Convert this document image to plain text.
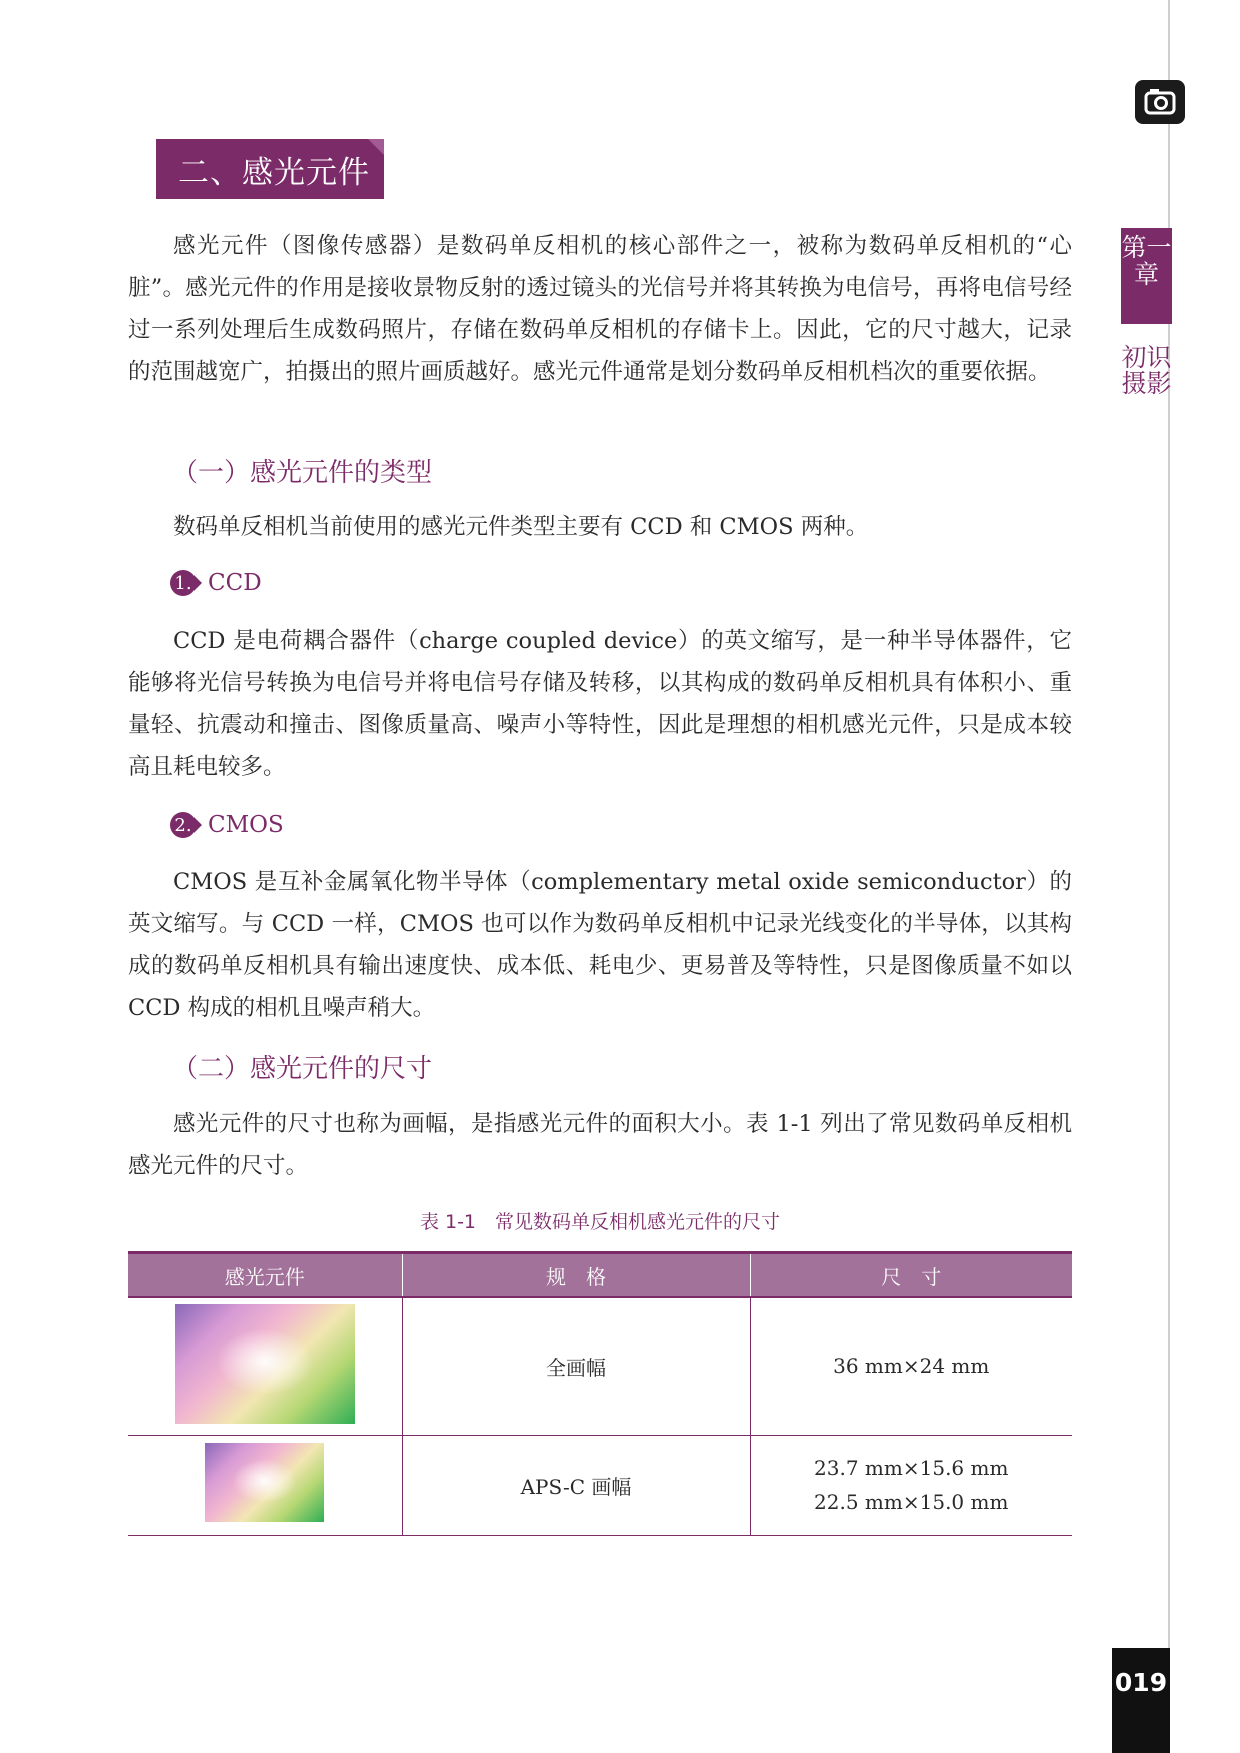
第一章
初识摄影
019
二、感光元件

感光元件（图像传感器）是数码单反相机的核心部件之一，被称为数码单反相机的“心脏”。感光元件的作用是接收景物反射的透过镜头的光信号并将其转换为电信号，再将电信号经过一系列处理后生成数码照片，存储在数码单反相机的存储卡上。因此，它的尺寸越大，记录的范围越宽广，拍摄出的照片画质越好。感光元件通常是划分数码单反相机档次的重要依据。

（一）感光元件的类型

数码单反相机当前使用的感光元件类型主要有 CCD 和 CMOS 两种。

1. CCD

CCD 是电荷耦合器件（charge coupled device）的英文缩写，是一种半导体器件，它能够将光信号转换为电信号并将电信号存储及转移，以其构成的数码单反相机具有体积小、重量轻、抗震动和撞击、图像质量高、噪声小等特性，因此是理想的相机感光元件，只是成本较高且耗电较多。

2. CMOS

CMOS 是互补金属氧化物半导体（complementary metal oxide semiconductor）的英文缩写。与 CCD 一样，CMOS 也可以作为数码单反相机中记录光线变化的半导体，以其构成的数码单反相机具有输出速度快、成本低、耗电少、更易普及等特性，只是图像质量不如以 CCD 构成的相机且噪声稍大。

（二）感光元件的尺寸

感光元件的尺寸也称为画幅，是指感光元件的面积大小。表 1-1 列出了常见数码单反相机感光元件的尺寸。

表 1-1　常见数码单反相机感光元件的尺寸
感光元件	规　格	尺　寸
	全画幅	36 mm×24 mm

	APS-C 画幅	23.7 mm×15.6 mm
22.5 mm×15.0 mm
